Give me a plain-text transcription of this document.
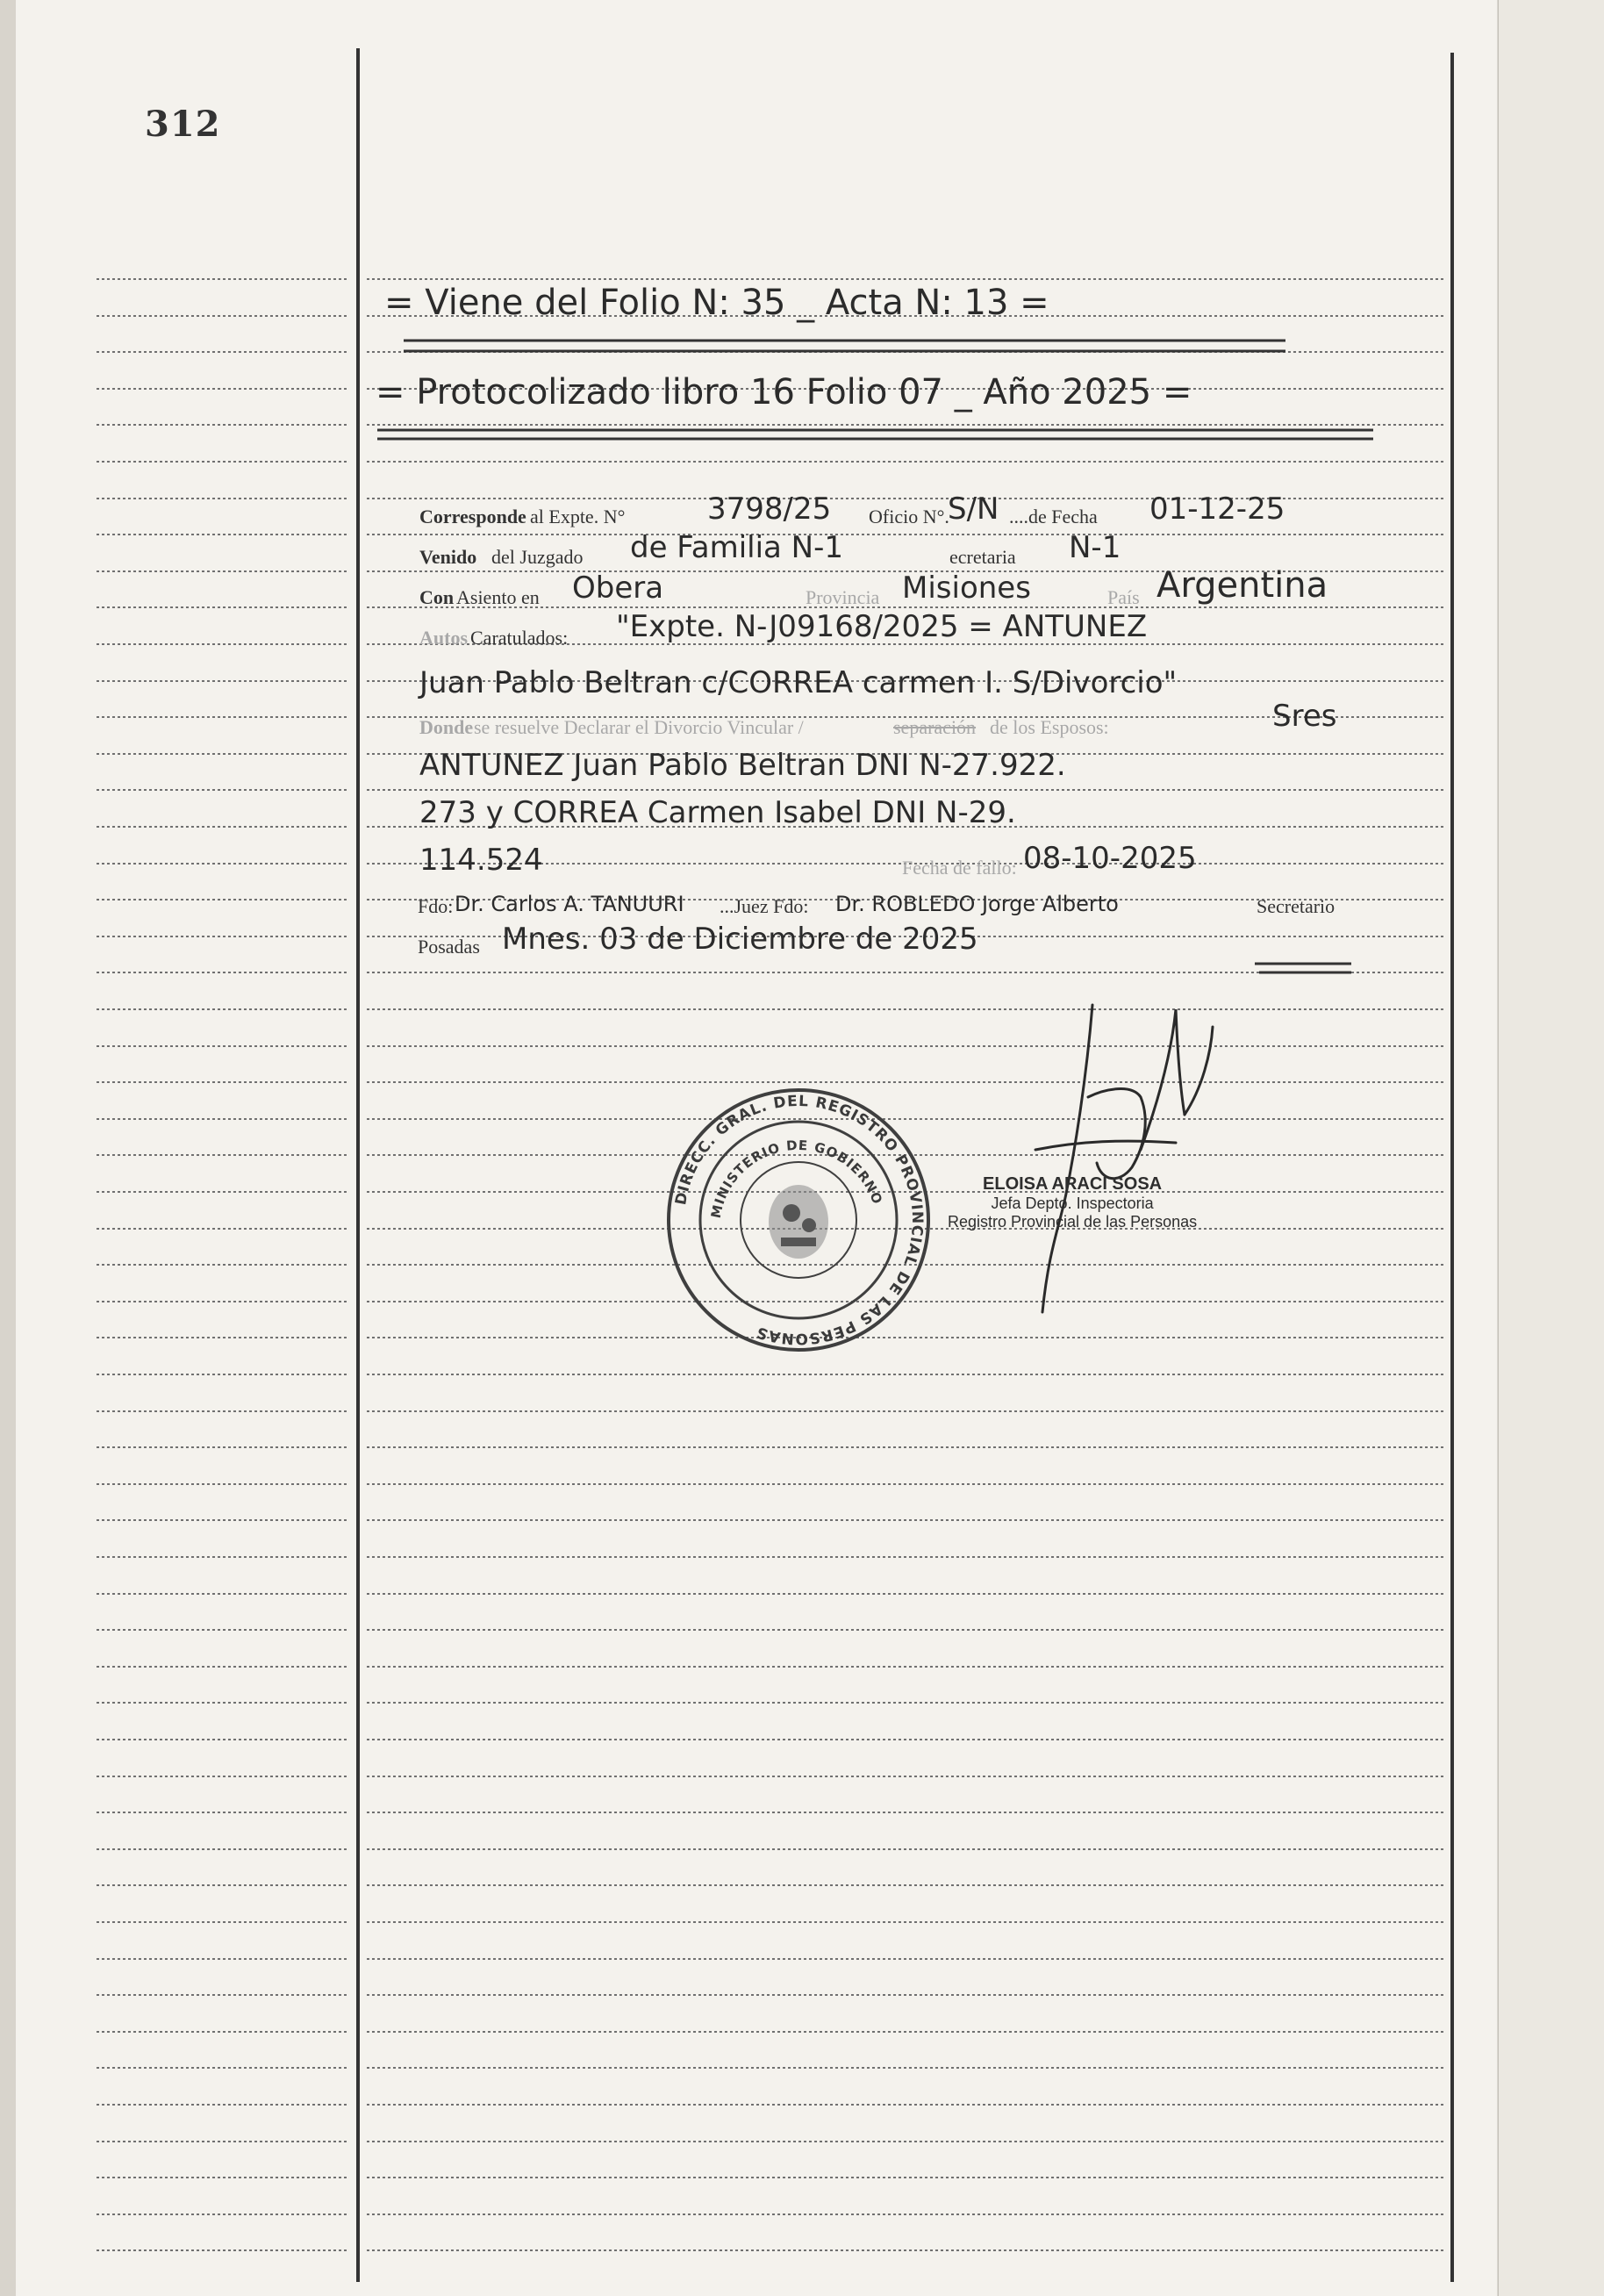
DIRECC. GRAL. DEL REGISTRO PROVINCIAL DE LAS PERSONAS
MINISTERIO DE GOBIERNO
312
= Viene del Folio N: 35 _ Acta N: 13 =
= Protocolizado libro 16 Folio 07 _ Año 2025 =
Corresponde al Expte. N°	3798/25 Oficio N°.
S/N ....de Fecha 01-12-25
Venido del Juzgado de Familia N-1	ecretaria N-1
Con Asiento en Obera	Provincia Misiones	País Argentina
Autos Caratulados: "Expte. N-J09168/2025 = ANTUNEZ
Juan Pablo Beltran c/CORREA carmen I. S/Divorcio"
Donde se resuelve Declarar el Divorcio Vincular /	separación de los Esposos:	Sres
ANTUNEZ Juan Pablo Beltran DNI N-27.922.
273 y CORREA Carmen Isabel DNI N-29.
114.524	Fecha de fallo: 08-10-2025
Fdo: Dr. Carlos A. TANUURI ...Juez Fdo: Dr. ROBLEDO Jorge Alberto	Secretario
Posadas Mnes. 03 de Diciembre de 2025
ELOISA ARACI SOSA
Jefa Depto. Inspectoria
Registro Provincial de las Personas
